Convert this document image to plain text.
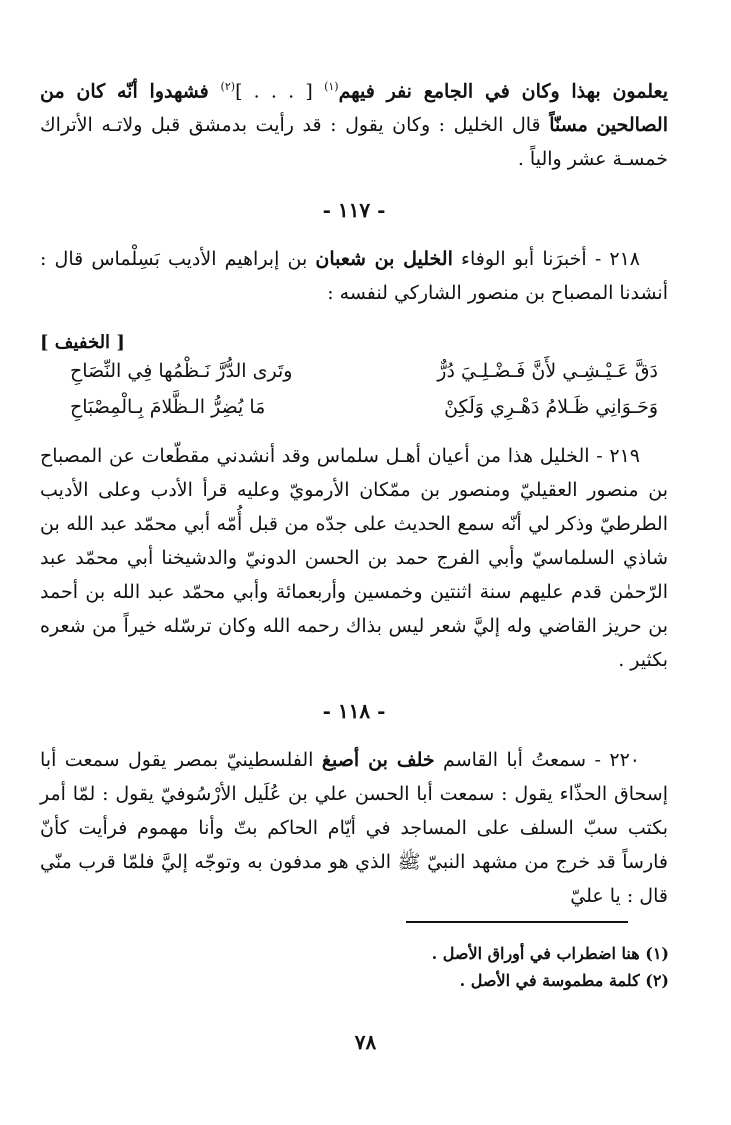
يعلمون بهذا وكان في الجامع نفر فيهم$^{(١)}$ [ . . . ]$^{(٢)}$ فشهدوا أنّه كان من الصالحين مسنّاً قال الخليل : وكان يقول : قد رأيت بدمشق قبل ولاتـه الأتراك خمسـة عشر والياً .

- ١١٧ -

٢١٨ - أخبرَنا أبو الوفاء الخليل بن شعبان بن إبراهيم الأديب بَسِلْماس قال : أنشدنا المصباح بن منصور الشاركي لنفسه :

[ الخفيف ]
دَقَّ عَـيْـشِـي لأَنَّ فَـضْـلِـيَ دُرٌّ
وتَرى الدُّرَّ نَـظْمُها فِي النِّصَاحِ
وَحَـوَانِي ظَـلامُ دَهْـرِي وَلَكِنْ
مَا يُضِرُّ الـظَّلامَ بِـالْمِصْبَاحِ

٢١٩ - الخليل هذا من أعيان أهـل سلماس وقد أنشدني مقطّعات عن المصباح بن منصور العقيليّ ومنصور بن ممّكان الأرمويّ وعليه قرأ الأدب وعلى الأديب الطرطيّ وذكر لي أنّه سمع الحديث على جدّه من قبل أُمّه أبي محمّد عبد الله بن شاذي السلماسيّ وأبي الفرج حمد بن الحسن الدونيّ والدشيخنا أبي محمّد عبد الرّحمٰن قدم عليهم سنة اثنتين وخمسين وأربعمائة وأبي محمّد عبد الله بن أحمد بن حريز القاضي وله إليَّ شعر ليس بذاك رحمه الله وكان ترسّله خيراً من شعره بكثير .

- ١١٨ -

٢٢٠ - سمعتُ أبا القاسم خلف بن أصبغ الفلسطينيّ بمصر يقول سمعت أبا إسحاق الحذّاء يقول : سمعت أبا الحسن علي بن عُلَيل الأرْسُوفيّ يقول : لمّا أمر بكتب سبّ السلف على المساجد في أيّام الحاكم بتّ وأنا مهموم فرأيت كأنّ فارساً قد خرج من مشهد النبيّ ﷺ الذي هو مدفون به وتوجّه إليَّ فلمّا قرب منّي قال : يا عليّ

(١) هنا اضطراب في أوراق الأصل .
(٢) كلمة مطموسة في الأصل .
٧٨
